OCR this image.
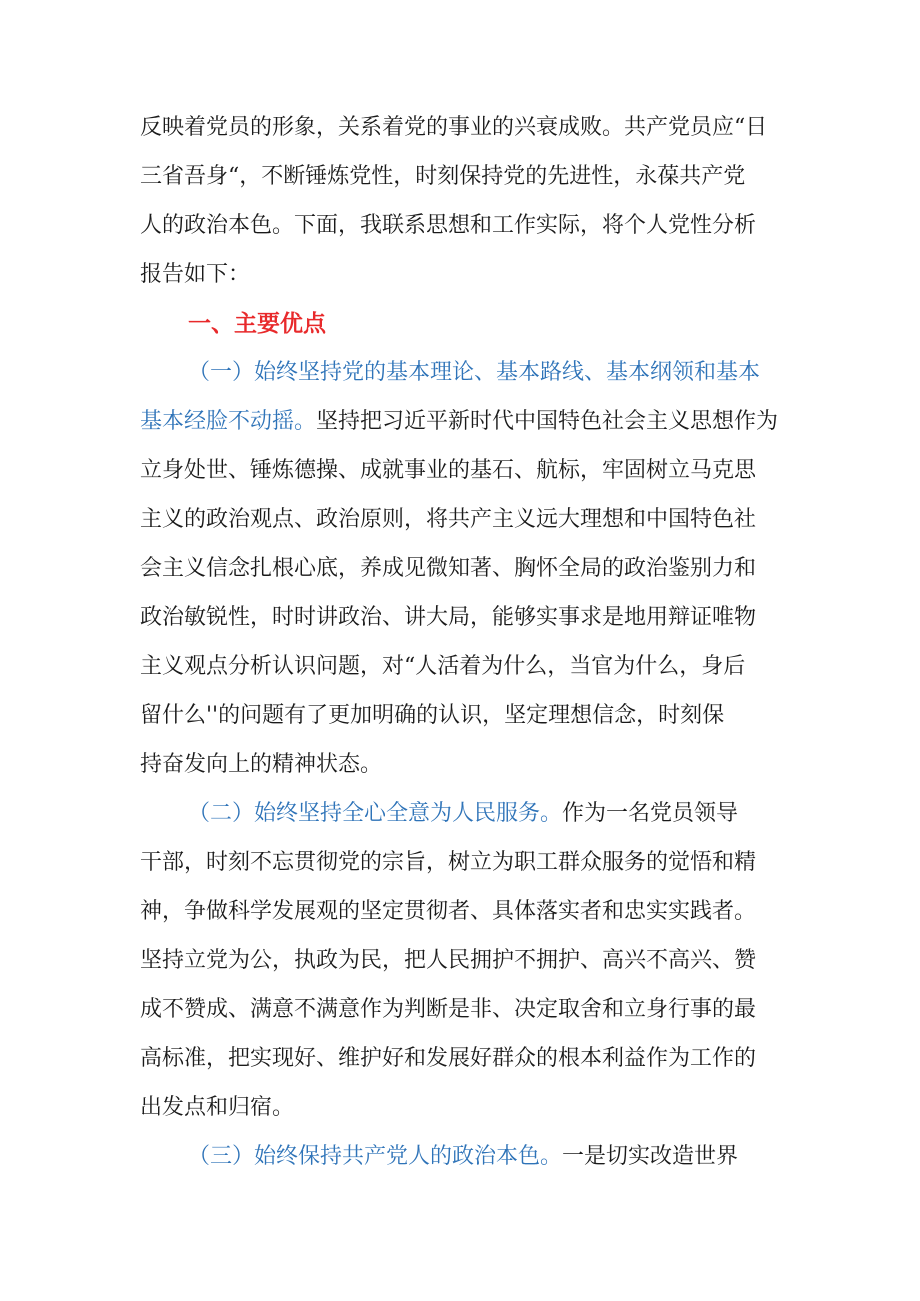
反映着党员的形象，关系着党的事业的兴衰成败。共产党员应“日
三省吾身“，不断锤炼党性，时刻保持党的先进性，永葆共产党
人的政治本色。下面，我联系思想和工作实际，将个人党性分析
报告如下：
一、主要优点
（一）始终坚持党的基本理论、基本路线、基本纲领和基本
基本经脸不动摇。坚持把习近平新时代中国特色社会主义思想作为
立身处世、锤炼德操、成就事业的基石、航标，牢固树立马克思
主义的政治观点、政治原则，将共产主义远大理想和中国特色社
会主义信念扎根心底，养成见微知著、胸怀全局的政治鉴别力和
政治敏锐性，时时讲政治、讲大局，能够实事求是地用辩证唯物
主义观点分析认识问题，对“人活着为什么，当官为什么，身后
留什么''的问题有了更加明确的认识，坚定理想信念，时刻保
持奋发向上的精神状态。
（二）始终坚持全心全意为人民服务。作为一名党员领导
干部，时刻不忘贯彻党的宗旨，树立为职工群众服务的觉悟和精
神，争做科学发展观的坚定贯彻者、具体落实者和忠实实践者。
坚持立党为公，执政为民，把人民拥护不拥护、高兴不高兴、赞
成不赞成、满意不满意作为判断是非、决定取舍和立身行事的最
高标准，把实现好、维护好和发展好群众的根本利益作为工作的
出发点和归宿。
（三）始终保持共产党人的政治本色。一是切实改造世界
